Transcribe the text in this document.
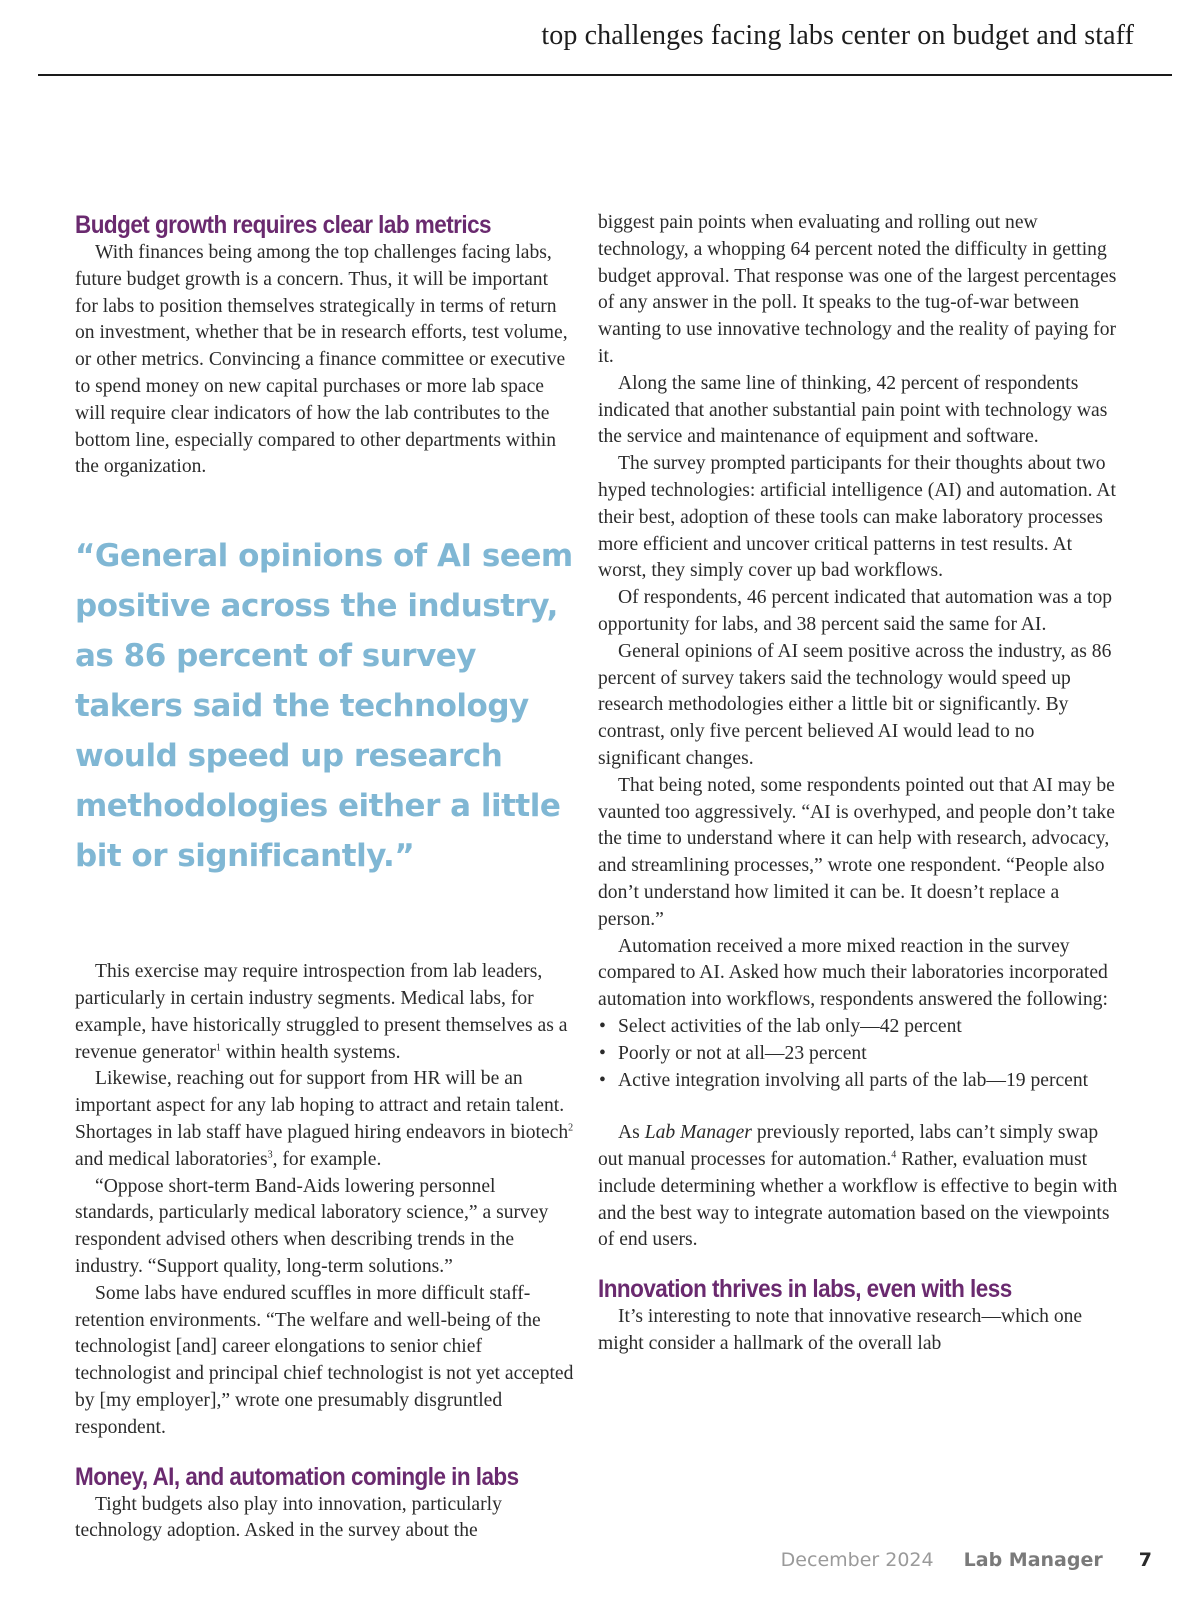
top challenges facing labs center on budget and staff
Budget growth requires clear lab metrics

With finances being among the top challenges facing labs, future budget growth is a concern. Thus, it will be important for labs to position themselves strategically in terms of return on investment, whether that be in research efforts, test volume, or other metrics. Convincing a finance committee or executive to spend money on new capital purchases or more lab space will require clear indicators of how the lab contributes to the bottom line, especially compared to other departments within the organization.

“General opinions of AI seem positive across the industry, as 86 percent of survey takers said the technology would speed up research methodologies either a little bit or significantly.”

This exercise may require introspection from lab leaders, particularly in certain industry segments. Medical labs, for example, have historically struggled to present themselves as a revenue generator$^1$ within health systems.

Likewise, reaching out for support from HR will be an important aspect for any lab hoping to attract and retain talent. Shortages in lab staff have plagued hiring endeavors in biotech$^2$ and medical laboratories$^3$, for example.

“Oppose short-term Band-Aids lowering personnel standards, particularly medical laboratory science,” a survey respondent advised others when describing trends in the industry. “Support quality, long-term solutions.”

Some labs have endured scuffles in more difficult staff-retention environments. “The welfare and well-being of the technologist [and] career elongations to senior chief technologist and principal chief technologist is not yet accepted by [my employer],” wrote one presumably disgruntled respondent.

Money, AI, and automation comingle in labs

Tight budgets also play into innovation, particularly technology adoption. Asked in the survey about the

biggest pain points when evaluating and rolling out new technology, a whopping 64 percent noted the difficulty in getting budget approval. That response was one of the largest percentages of any answer in the poll. It speaks to the tug-of-war between wanting to use innovative technology and the reality of paying for it.

Along the same line of thinking, 42 percent of respondents indicated that another substantial pain point with technology was the service and maintenance of equipment and software.

The survey prompted participants for their thoughts about two hyped technologies: artificial intelligence (AI) and automation. At their best, adoption of these tools can make laboratory processes more efficient and uncover critical patterns in test results. At worst, they simply cover up bad workflows.

Of respondents, 46 percent indicated that automation was a top opportunity for labs, and 38 percent said the same for AI.

General opinions of AI seem positive across the industry, as 86 percent of survey takers said the technology would speed up research methodologies either a little bit or significantly. By contrast, only five percent believed AI would lead to no significant changes.

That being noted, some respondents pointed out that AI may be vaunted too aggressively. “AI is overhyped, and people don’t take the time to understand where it can help with research, advocacy, and streamlining processes,” wrote one respondent. “People also don’t understand how limited it can be. It doesn’t replace a person.”

Automation received a more mixed reaction in the survey compared to AI. Asked how much their laboratories incorporated automation into workflows, respondents answered the following:

• Select activities of the lab only—42 percent
• Poorly or not at all—23 percent
• Active integration involving all parts of the lab—19 percent

As Lab Manager previously reported, labs can’t simply swap out manual processes for automation.$^4$ Rather, evaluation must include determining whether a workflow is effective to begin with and the best way to integrate automation based on the viewpoints of end users.

Innovation thrives in labs, even with less

It’s interesting to note that innovative research—which one might consider a hallmark of the overall lab

December 2024 Lab Manager 7
